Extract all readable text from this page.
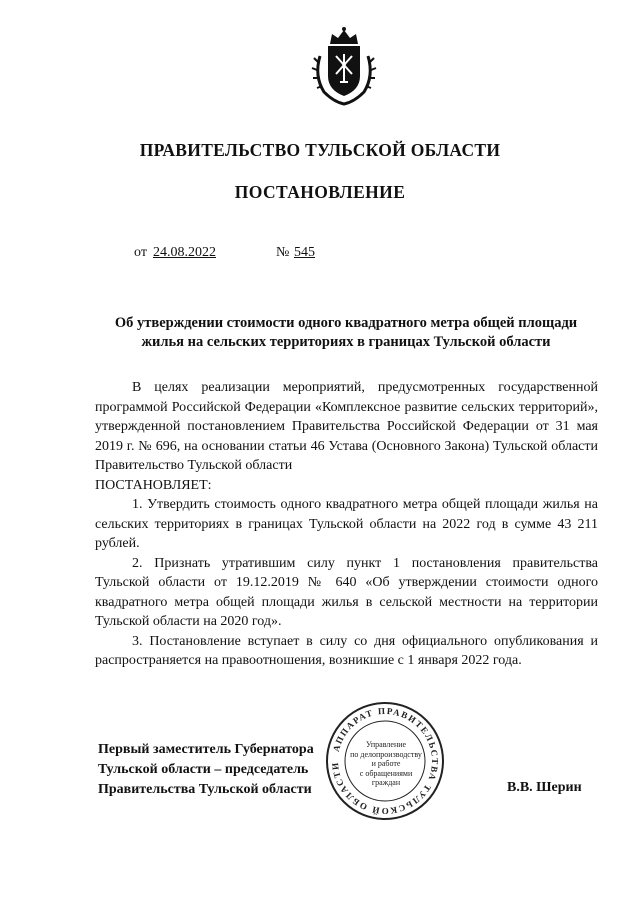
ПРАВИТЕЛЬСТВО ТУЛЬСКОЙ ОБЛАСТИ
ПОСТАНОВЛЕНИЕ
от 24.08.2022	№ 545
Об утверждении стоимости одного квадратного метра общей площади жилья на сельских территориях в границах Тульской области

В целях реализации мероприятий, предусмотренных государственной программой Российской Федерации «Комплексное развитие сельских территорий», утвержденной постановлением Правительства Российской Федерации от 31 мая 2019 г. № 696, на основании статьи 46 Устава (Основного Закона) Тульской области Правительство Тульской области

ПОСТАНОВЛЯЕТ:

1. Утвердить стоимость одного квадратного метра общей площади жилья на сельских территориях в границах Тульской области на 2022 год в сумме 43 211 рублей.

2. Признать утратившим силу пункт 1 постановления правительства Тульской области от 19.12.2019 № 640 «Об утверждении стоимости одного квадратного метра общей площади жилья в сельской местности на территории Тульской области на 2020 год».

3. Постановление вступает в силу со дня официального опубликования и распространяется на правоотношения, возникшие с 1 января 2022 года.

АППАРАТ ПРАВИТЕЛЬСТВА ТУЛЬСКОЙ ОБЛАСТИ
Управление
по делопроизводству
и работе
с обращениями
граждан
Первый заместитель Губернатора
Тульской области – председатель
Правительства Тульской области	В.В. Шерин
